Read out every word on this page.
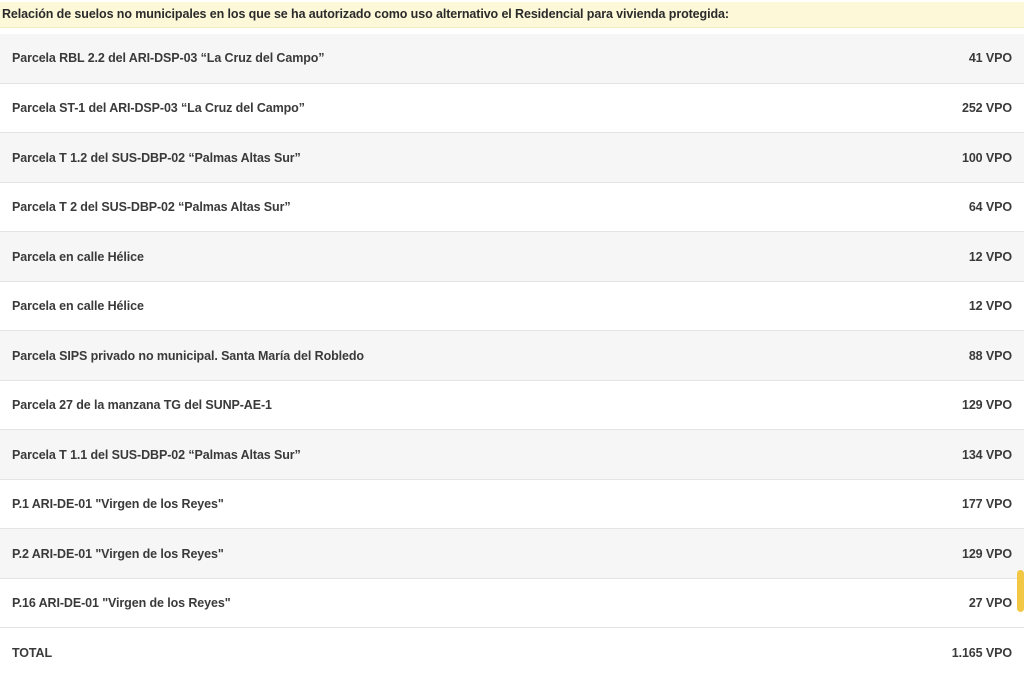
Relación de suelos no municipales en los que se ha autorizado como uso alternativo el Residencial para vivienda protegida:
Parcela RBL 2.2 del ARI-DSP-03 “La Cruz del Campo”	41 VPO
Parcela ST-1 del ARI-DSP-03 “La Cruz del Campo”	252 VPO
Parcela T 1.2 del SUS-DBP-02 “Palmas Altas Sur”	100 VPO
Parcela T 2 del SUS-DBP-02 “Palmas Altas Sur”	64 VPO
Parcela en calle Hélice	12 VPO
Parcela en calle Hélice	12 VPO
Parcela SIPS privado no municipal. Santa María del Robledo	88 VPO
Parcela 27 de la manzana TG del SUNP-AE-1	129 VPO
Parcela T 1.1 del SUS-DBP-02 “Palmas Altas Sur”	134 VPO
P.1 ARI-DE-01 "Virgen de los Reyes"	177 VPO
P.2 ARI-DE-01 "Virgen de los Reyes"	129 VPO
P.16 ARI-DE-01 "Virgen de los Reyes"	27 VPO
TOTAL	1.165 VPO
